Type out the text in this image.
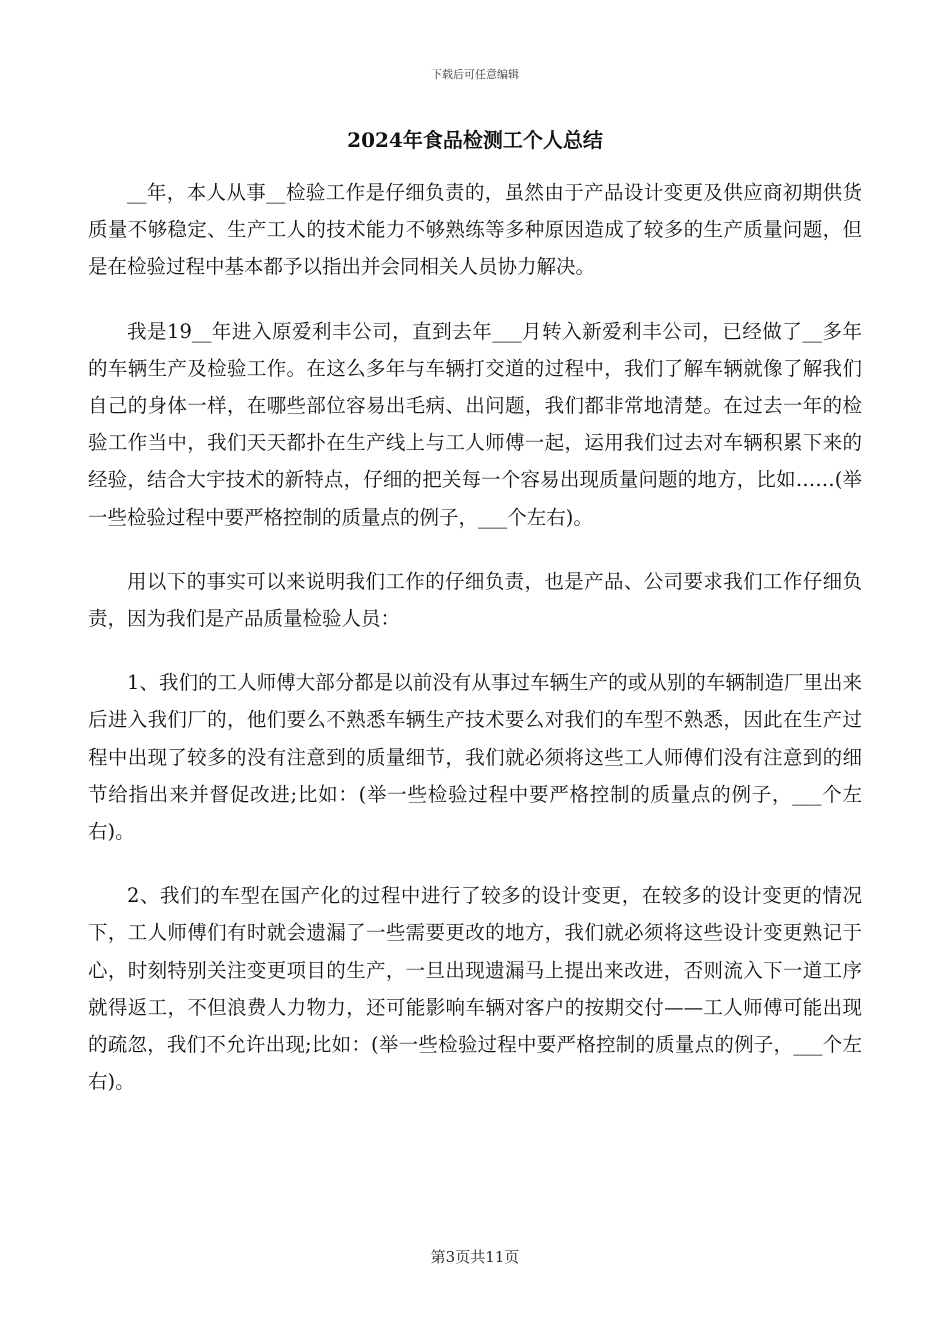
下载后可任意编辑
2024年食品检测工个人总结

__年，本人从事__检验工作是仔细负责的，虽然由于产品设计变更及供应商初期供货质量不够稳定、生产工人的技术能力不够熟练等多种原因造成了较多的生产质量问题，但是在检验过程中基本都予以指出并会同相关人员协力解决。

我是19__年进入原爱利丰公司，直到去年___月转入新爱利丰公司，已经做了__多年的车辆生产及检验工作。在这么多年与车辆打交道的过程中，我们了解车辆就像了解我们自己的身体一样，在哪些部位容易出毛病、出问题，我们都非常地清楚。在过去一年的检验工作当中，我们天天都扑在生产线上与工人师傅一起，运用我们过去对车辆积累下来的经验，结合大宇技术的新特点，仔细的把关每一个容易出现质量问题的地方，比如……(举一些检验过程中要严格控制的质量点的例子，___个左右)。

用以下的事实可以来说明我们工作的仔细负责，也是产品、公司要求我们工作仔细负责，因为我们是产品质量检验人员：

1、我们的工人师傅大部分都是以前没有从事过车辆生产的或从别的车辆制造厂里出来后进入我们厂的，他们要么不熟悉车辆生产技术要么对我们的车型不熟悉，因此在生产过程中出现了较多的没有注意到的质量细节，我们就必须将这些工人师傅们没有注意到的细节给指出来并督促改进;比如：(举一些检验过程中要严格控制的质量点的例子，___个左右)。

2、我们的车型在国产化的过程中进行了较多的设计变更，在较多的设计变更的情况下，工人师傅们有时就会遗漏了一些需要更改的地方，我们就必须将这些设计变更熟记于心，时刻特别关注变更项目的生产，一旦出现遗漏马上提出来改进，否则流入下一道工序就得返工，不但浪费人力物力，还可能影响车辆对客户的按期交付——工人师傅可能出现的疏忽，我们不允许出现;比如：(举一些检验过程中要严格控制的质量点的例子，___个左右)。

第3页共11页
